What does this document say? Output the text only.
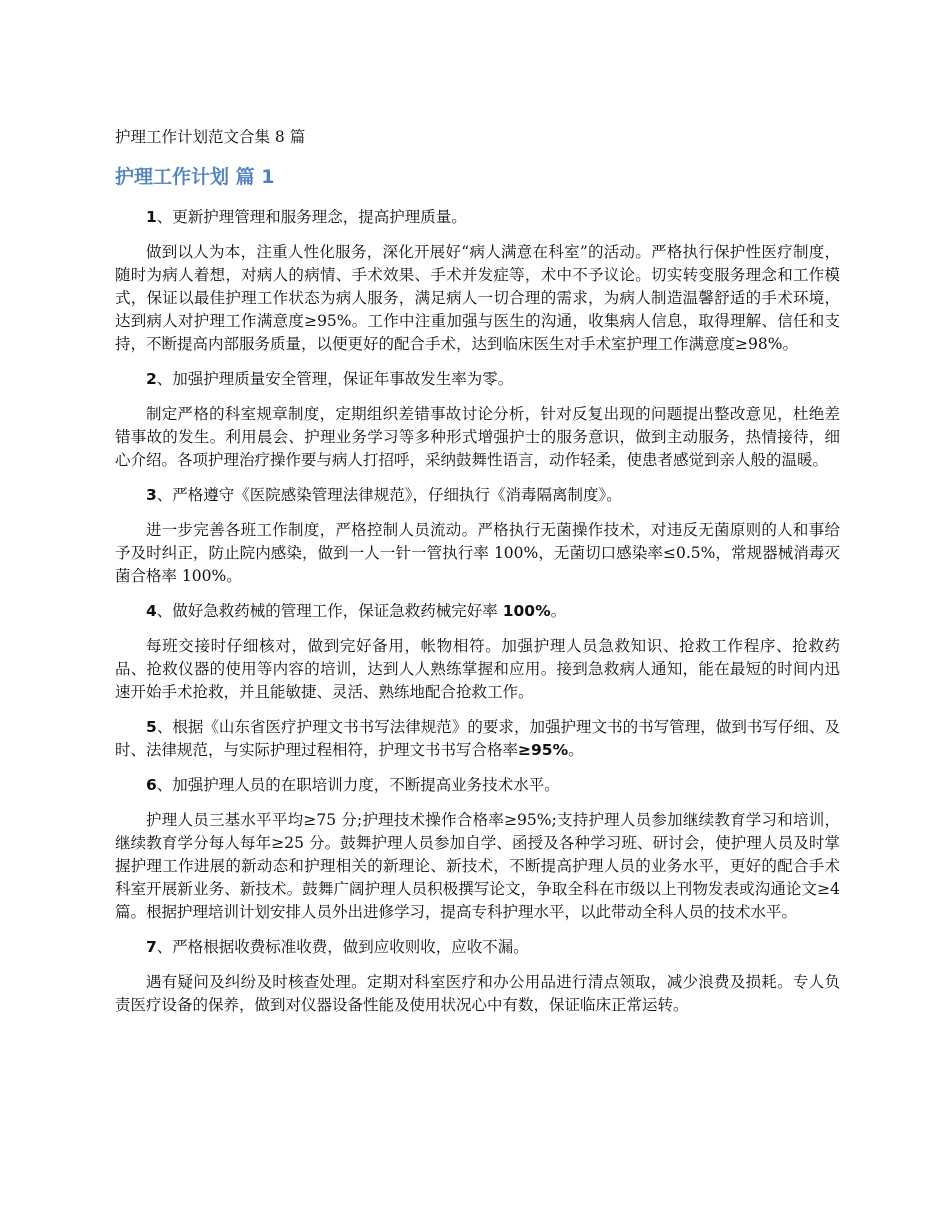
护理工作计划范文合集 8 篇
护理工作计划 篇 1

1、更新护理管理和服务理念，提高护理质量。

做到以人为本，注重人性化服务，深化开展好“病人满意在科室”的活动。严格执行保护性医疗制度，随时为病人着想，对病人的病情、手术效果、手术并发症等，术中不予议论。切实转变服务理念和工作模式，保证以最佳护理工作状态为病人服务，满足病人一切合理的需求，为病人制造温馨舒适的手术环境，达到病人对护理工作满意度≥95%。工作中注重加强与医生的沟通，收集病人信息，取得理解、信任和支持，不断提高内部服务质量，以便更好的配合手术，达到临床医生对手术室护理工作满意度≥98%。

2、加强护理质量安全管理，保证年事故发生率为零。

制定严格的科室规章制度，定期组织差错事故讨论分析，针对反复出现的问题提出整改意见，杜绝差错事故的发生。利用晨会、护理业务学习等多种形式增强护士的服务意识，做到主动服务，热情接待，细心介绍。各项护理治疗操作要与病人打招呼，采纳鼓舞性语言，动作轻柔，使患者感觉到亲人般的温暖。

3、严格遵守《医院感染管理法律规范》，仔细执行《消毒隔离制度》。

进一步完善各班工作制度，严格控制人员流动。严格执行无菌操作技术，对违反无菌原则的人和事给予及时纠正，防止院内感染，做到一人一针一管执行率 100%，无菌切口感染率≤0.5%，常规器械消毒灭菌合格率 100%。

4、做好急救药械的管理工作，保证急救药械完好率 100%。

每班交接时仔细核对，做到完好备用，帐物相符。加强护理人员急救知识、抢救工作程序、抢救药品、抢救仪器的使用等内容的培训，达到人人熟练掌握和应用。接到急救病人通知，能在最短的时间内迅速开始手术抢救，并且能敏捷、灵活、熟练地配合抢救工作。

5、根据《山东省医疗护理文书书写法律规范》的要求，加强护理文书的书写管理，做到书写仔细、及时、法律规范，与实际护理过程相符，护理文书书写合格率≥95%。

6、加强护理人员的在职培训力度，不断提高业务技术水平。

护理人员三基水平平均≥75 分;护理技术操作合格率≥95%;支持护理人员参加继续教育学习和培训，继续教育学分每人每年≥25 分。鼓舞护理人员参加自学、函授及各种学习班、研讨会，使护理人员及时掌握护理工作进展的新动态和护理相关的新理论、新技术，不断提高护理人员的业务水平，更好的配合手术科室开展新业务、新技术。鼓舞广阔护理人员积极撰写论文，争取全科在市级以上刊物发表或沟通论文≥4 篇。根据护理培训计划安排人员外出进修学习，提高专科护理水平，以此带动全科人员的技术水平。

7、严格根据收费标准收费，做到应收则收，应收不漏。

遇有疑问及纠纷及时核查处理。定期对科室医疗和办公用品进行清点领取，减少浪费及损耗。专人负责医疗设备的保养，做到对仪器设备性能及使用状况心中有数，保证临床正常运转。
